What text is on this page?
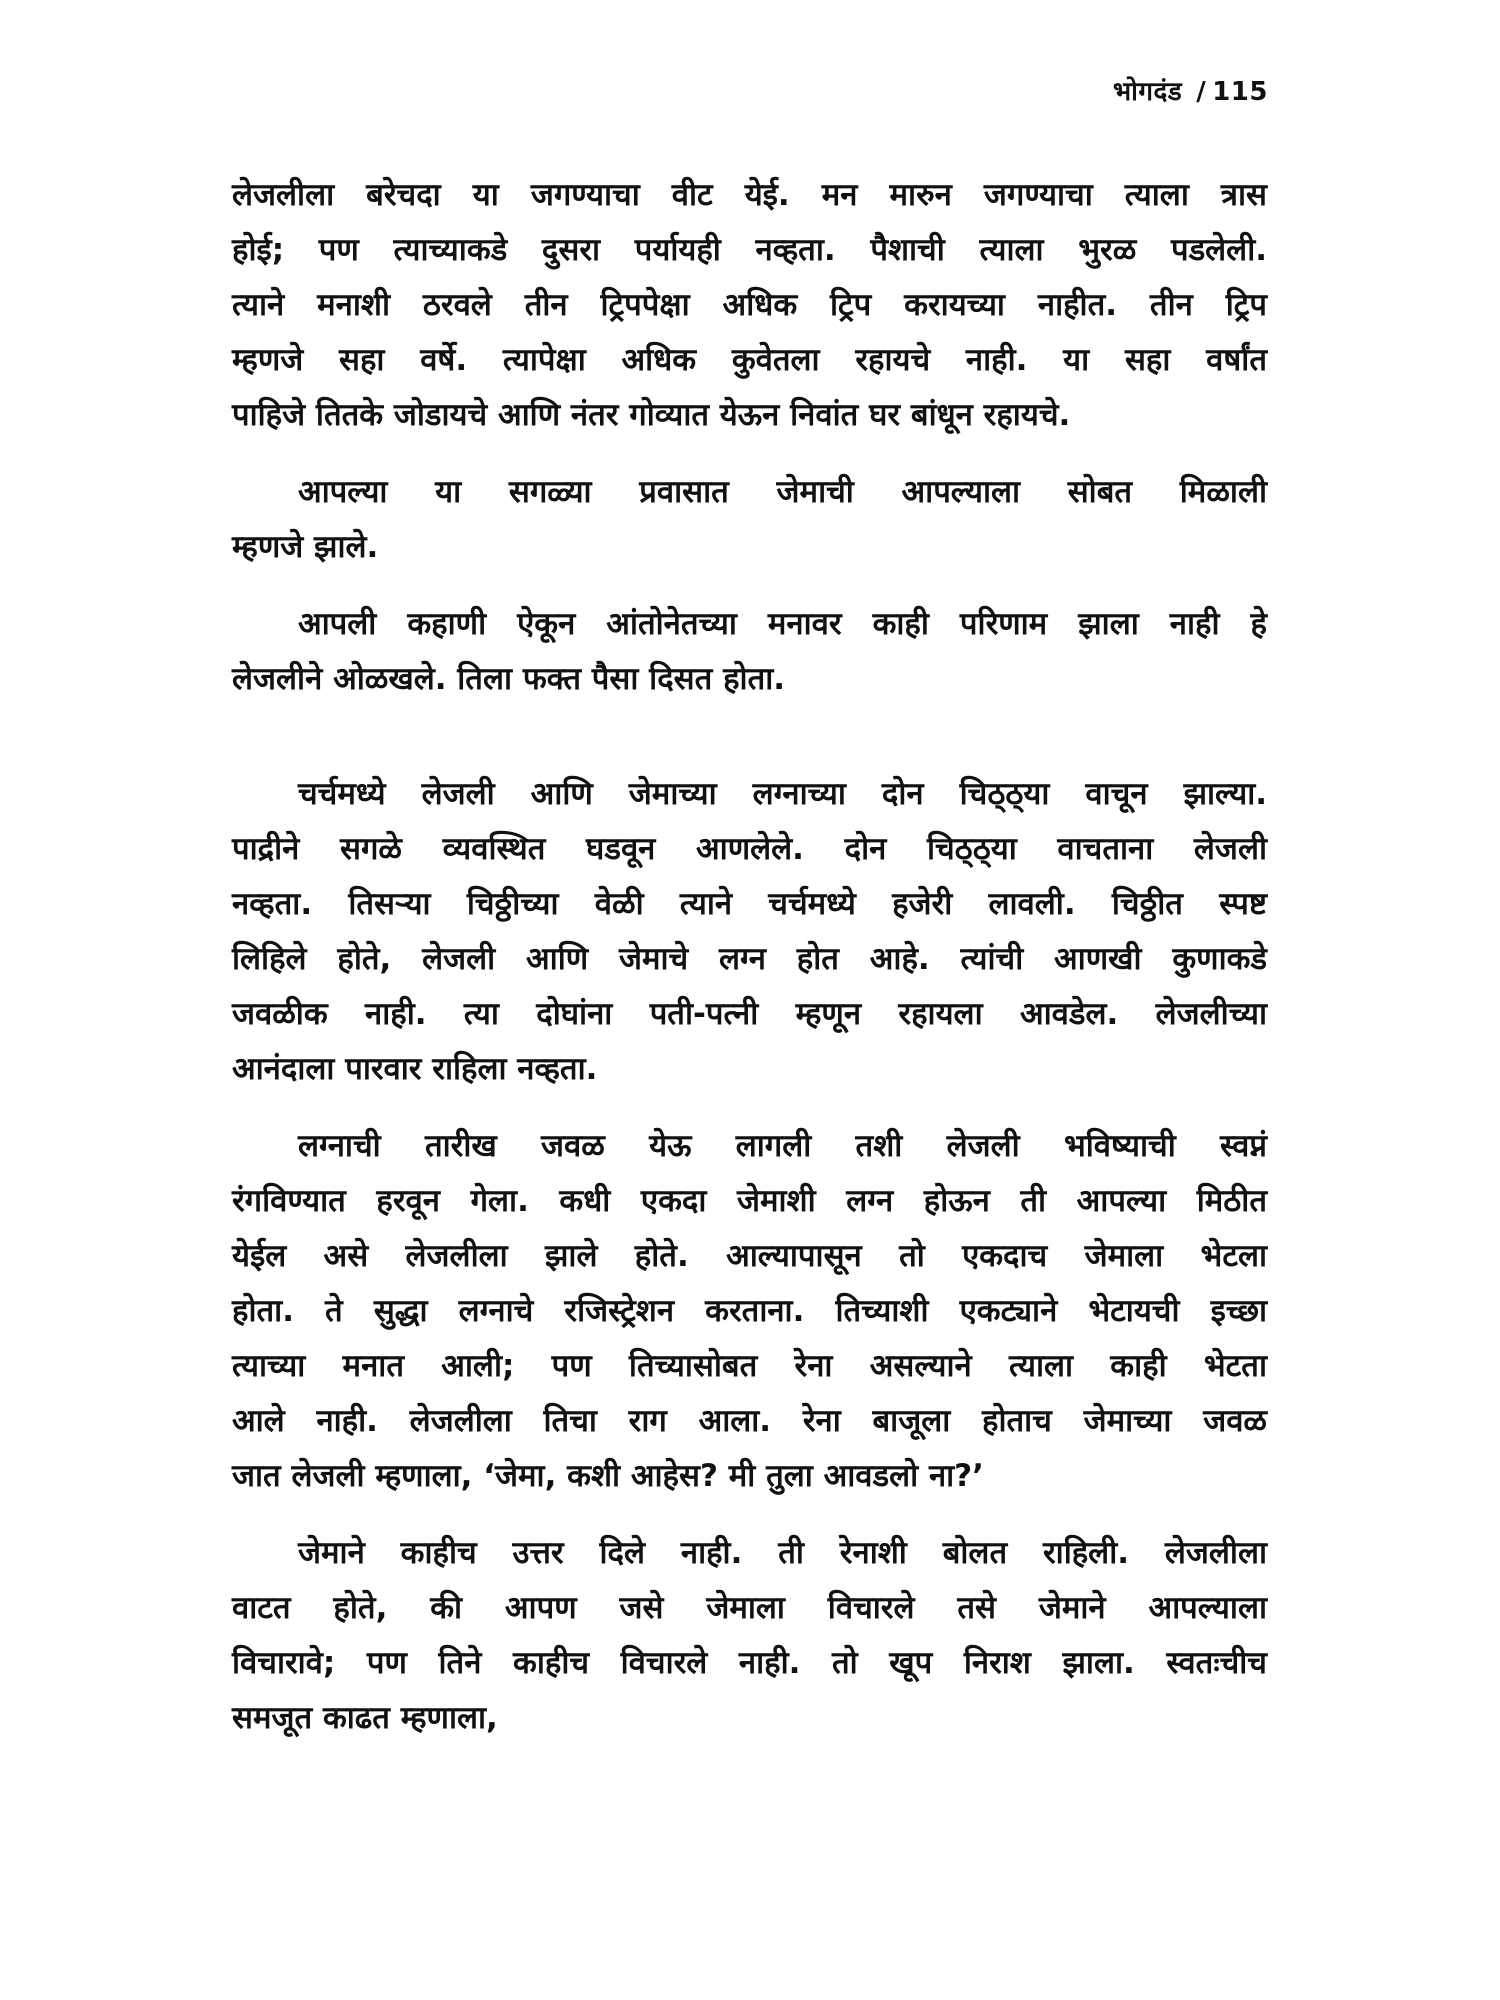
भोगदंड / 115

लेजलीला बरेचदा या जगण्याचा वीट येई. मन मारुन जगण्याचा त्याला त्रास
होई; पण त्याच्याकडे दुसरा पर्यायही नव्हता. पैशाची त्याला भुरळ पडलेली.
त्याने मनाशी ठरवले तीन ट्रिपपेक्षा अधिक ट्रिप करायच्या नाहीत. तीन ट्रिप
म्हणजे सहा वर्षे. त्यापेक्षा अधिक कुवेतला रहायचे नाही. या सहा वर्षांत
पाहिजे तितके जोडायचे आणि नंतर गोव्यात येऊन निवांत घर बांधून रहायचे.

आपल्या या सगळ्या प्रवासात जेमाची आपल्याला सोबत मिळाली
म्हणजे झाले.

आपली कहाणी ऐकून आंतोनेतच्या मनावर काही परिणाम झाला नाही हे
लेजलीने ओळखले. तिला फक्त पैसा दिसत होता.

चर्चमध्ये लेजली आणि जेमाच्या लग्नाच्या दोन चिठ्ठ्या वाचून झाल्या.
पाद्रीने सगळे व्यवस्थित घडवून आणलेले. दोन चिठ्ठ्या वाचताना लेजली
नव्हता. तिसऱ्या चिठ्ठीच्या वेळी त्याने चर्चमध्ये हजेरी लावली. चिठ्ठीत स्पष्ट
लिहिले होते, लेजली आणि जेमाचे लग्न होत आहे. त्यांची आणखी कुणाकडे
जवळीक नाही. त्या दोघांना पती-पत्नी म्हणून रहायला आवडेल. लेजलीच्या
आनंदाला पारवार राहिला नव्हता.

लग्नाची तारीख जवळ येऊ लागली तशी लेजली भविष्याची स्वप्नं
रंगविण्यात हरवून गेला. कधी एकदा जेमाशी लग्न होऊन ती आपल्या मिठीत
येईल असे लेजलीला झाले होते. आल्यापासून तो एकदाच जेमाला भेटला
होता. ते सुद्धा लग्नाचे रजिस्ट्रेशन करताना. तिच्याशी एकट्याने भेटायची इच्छा
त्याच्या मनात आली; पण तिच्यासोबत रेना असल्याने त्याला काही भेटता
आले नाही. लेजलीला तिचा राग आला. रेना बाजूला होताच जेमाच्या जवळ
जात लेजली म्हणाला, ‘जेमा, कशी आहेस? मी तुला आवडलो ना?’

जेमाने काहीच उत्तर दिले नाही. ती रेनाशी बोलत राहिली. लेजलीला
वाटत होते, की आपण जसे जेमाला विचारले तसे जेमाने आपल्याला
विचारावे; पण तिने काहीच विचारले नाही. तो खूप निराश झाला. स्वतःचीच
समजूत काढत म्हणाला,
